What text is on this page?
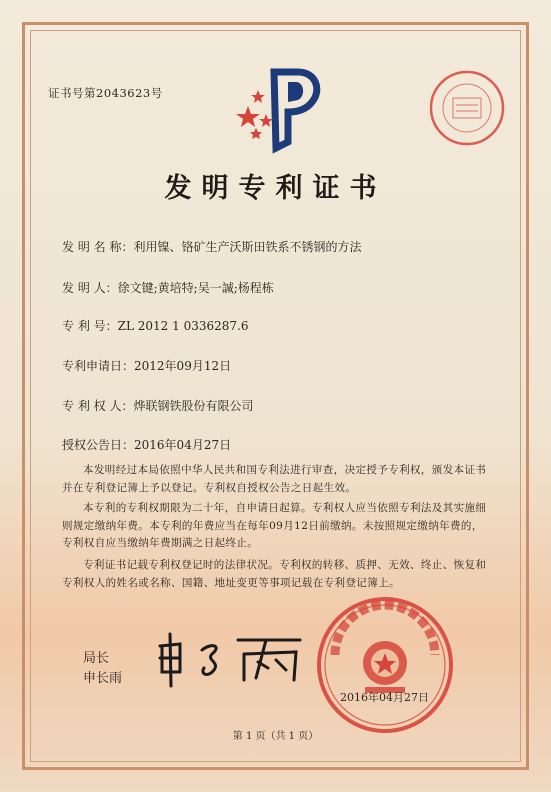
证书号第2043623号
发明专利证书
发 明 名 称：利用镍、铬矿生产沃斯田铁系不锈钢的方法
发 明 人：徐文键;黄培特;吴一諴;杨程栋
专 利 号：ZL 2012 1 0336287.6
专利申请日：2012年09月12日
专 利 权 人：烨联钢铁股份有限公司
授权公告日：2016年04月27日

本发明经过本局依照中华人民共和国专利法进行审查，决定授予专利权，颁发本证书并在专利登记簿上予以登记。专利权自授权公告之日起生效。

本专利的专利权期限为二十年，自申请日起算。专利权人应当依照专利法及其实施细则规定缴纳年费。本专利的年费应当在每年09月12日前缴纳。未按照规定缴纳年费的，专利权自应当缴纳年费期满之日起终止。

专利证书记载专利权登记时的法律状况。专利权的转移、质押、无效、终止、恢复和专利权人的姓名或名称、国籍、地址变更等事项记载在专利登记簿上。

局长
申长雨
2016年04月27日
第 1 页（共 1 页）
